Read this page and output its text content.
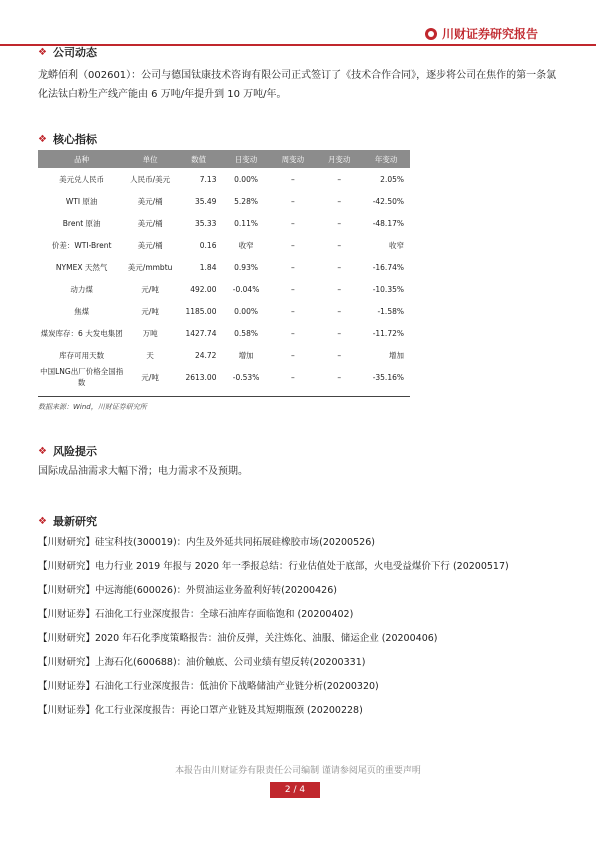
川财证券研究报告
❖ 公司动态
龙蟒佰利（002601）：公司与德国钛康技术咨询有限公司正式签订了《技术合作合同》，逐步将公司在焦作的第一条氯化法钛白粉生产线产能由 6 万吨/年提升到 10 万吨/年。
❖ 核心指标
品种	单位	数值	日变动	周变动	月变动	年变动
美元兑人民币	人民币/美元	7.13	0.00%	–	–	2.05%
WTI 原油	美元/桶	35.49	5.28%	–	–	-42.50%
Brent 原油	美元/桶	35.33	0.11%	–	–	-48.17%
价差：WTI-Brent	美元/桶	0.16	收窄	–	–	收窄
NYMEX 天然气	美元/mmbtu	1.84	0.93%	–	–	-16.74%
动力煤	元/吨	492.00	-0.04%	–	–	-10.35%
焦煤	元/吨	1185.00	0.00%	–	–	-1.58%
煤炭库存：6 大发电集团	万吨	1427.74	0.58%	–	–	-11.72%
库存可用天数	天	24.72	增加	–	–	增加
中国LNG出厂价格全国指数	元/吨	2613.00	-0.53%	–	–	-35.16%
数据来源：Wind，川财证券研究所
❖ 风险提示
国际成品油需求大幅下滑；电力需求不及预期。
❖ 最新研究
【川财研究】硅宝科技(300019)：内生及外延共同拓展硅橡胶市场(20200526)
【川财研究】电力行业 2019 年报与 2020 年一季报总结：行业估值处于底部，火电受益煤价下行 (20200517)
【川财研究】中远海能(600026)：外贸油运业务盈利好转(20200426)
【川财证券】石油化工行业深度报告：全球石油库存面临饱和 (20200402)
【川财研究】2020 年石化季度策略报告：油价反弹，关注炼化、油服、储运企业 (20200406)
【川财研究】上海石化(600688)：油价触底、公司业绩有望反转(20200331)
【川财证券】石油化工行业深度报告：低油价下战略储油产业链分析(20200320)
【川财证券】化工行业深度报告：再论口罩产业链及其短期瓶颈 (20200228)
本报告由川财证券有限责任公司编制 谨请参阅尾页的重要声明
2 / 4
